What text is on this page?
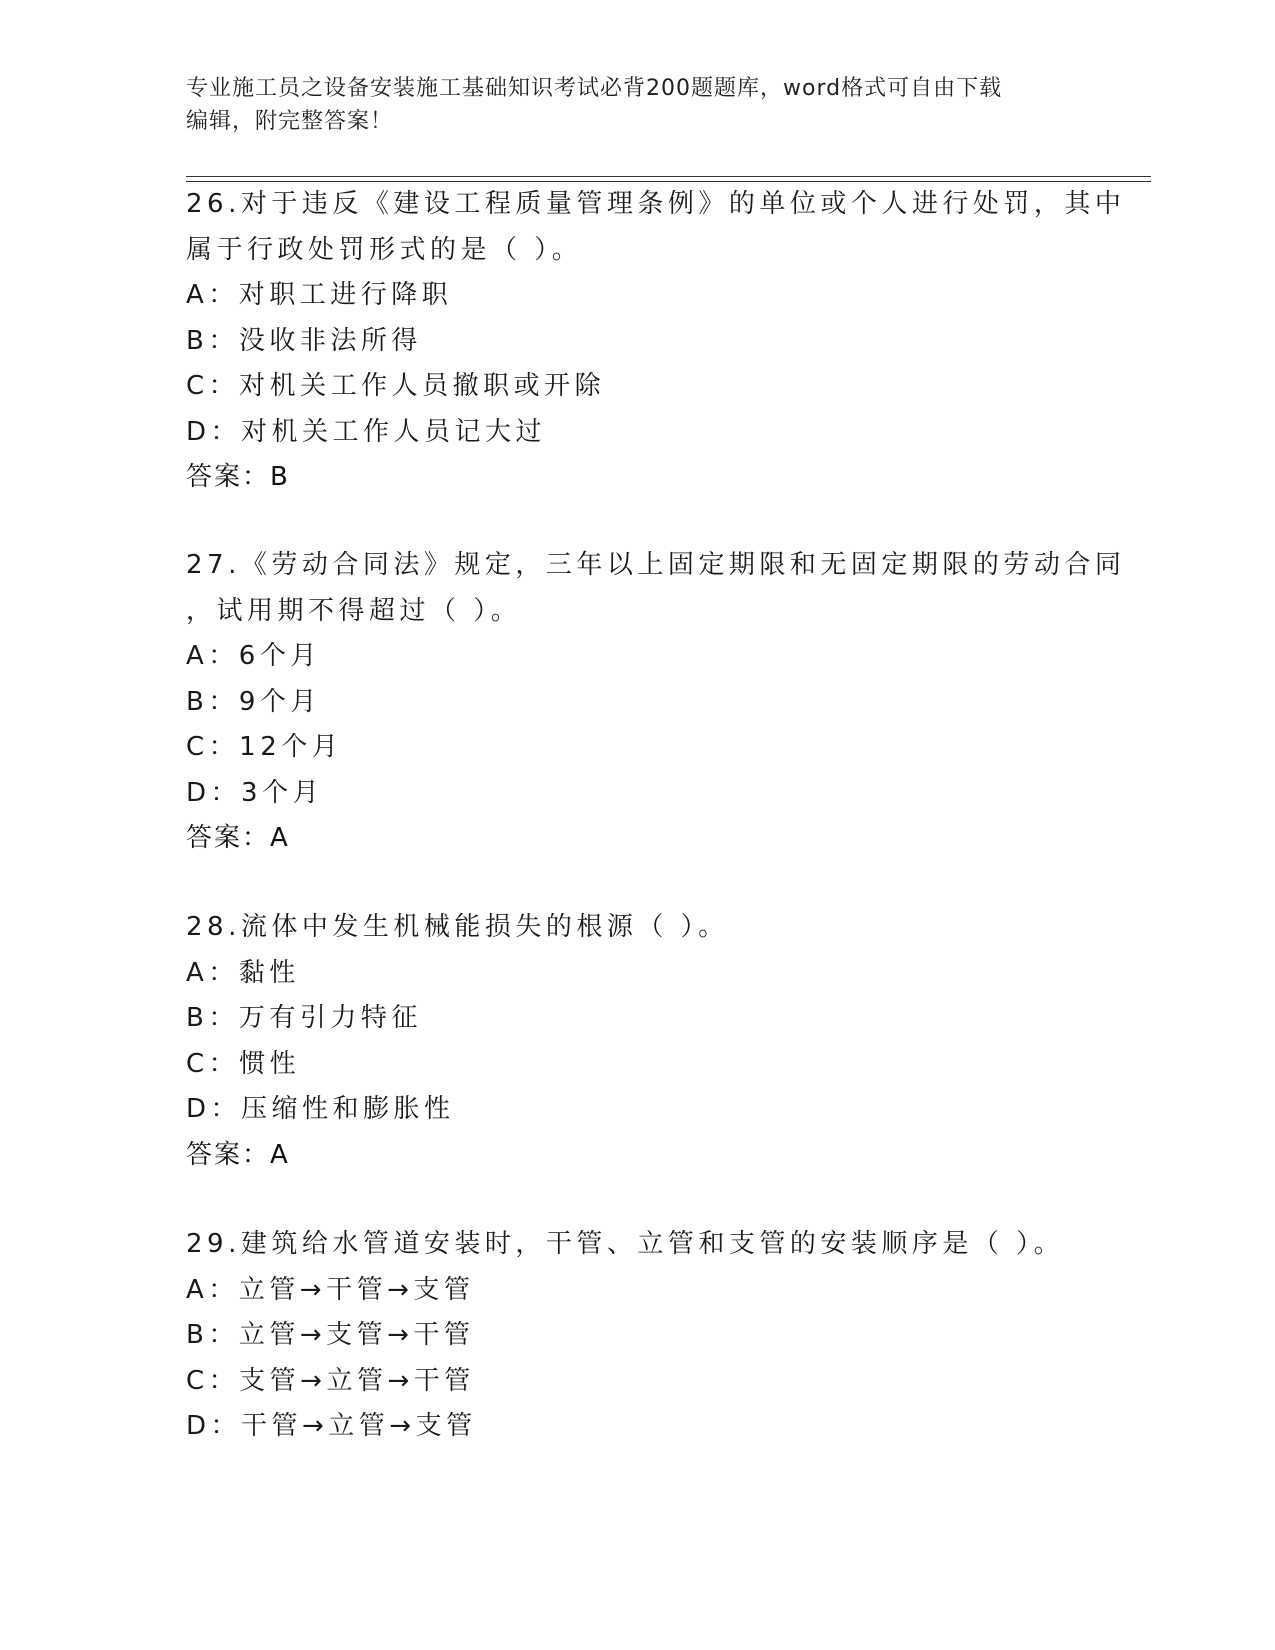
专业施工员之设备安装施工基础知识考试必背200题题库，word格式可自由下载
编辑，附完整答案！
26.对于违反《建设工程质量管理条例》的单位或个人进行处罚，其中
属于行政处罚形式的是（ ）。
A：对职工进行降职
B：没收非法所得
C：对机关工作人员撤职或开除
D：对机关工作人员记大过
答案：B
27.《劳动合同法》规定，三年以上固定期限和无固定期限的劳动合同
，试用期不得超过（ ）。
A：6个月
B：9个月
C：12个月
D：3个月
答案：A
28.流体中发生机械能损失的根源（ ）。
A：黏性
B：万有引力特征
C：惯性
D：压缩性和膨胀性
答案：A
29.建筑给水管道安装时，干管、立管和支管的安装顺序是（ ）。
A：立管→干管→支管
B：立管→支管→干管
C：支管→立管→干管
D：干管→立管→支管
